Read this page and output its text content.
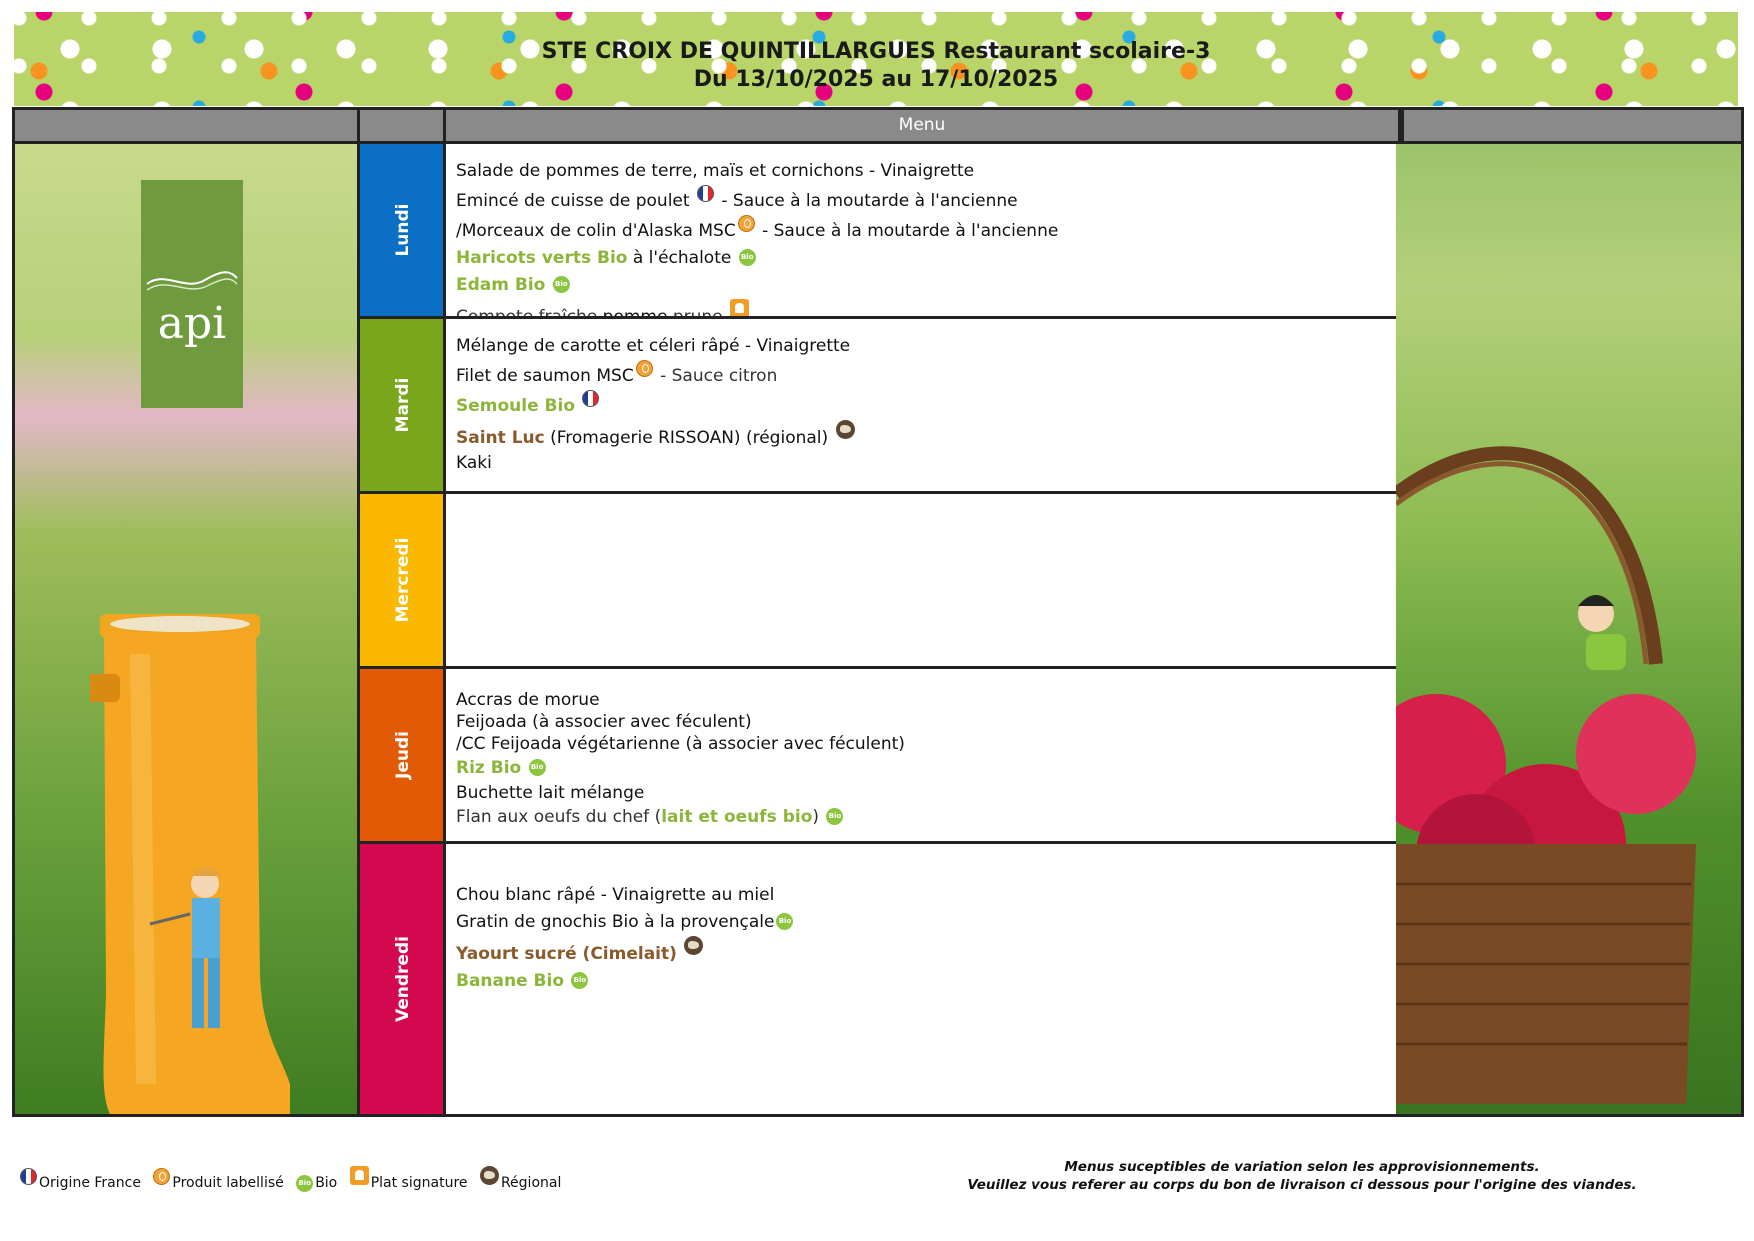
STE CROIX DE QUINTILLARGUES Restaurant scolaire-3
Du 13/10/2025 au 17/10/2025
Menu
api
Lundi
Mardi
Mercredi
Jeudi
Vendredi
Salade de pommes de terre, maïs et cornichons - Vinaigrette
Emincé de cuisse de poulet  - Sauce à la moutarde à l'ancienne
/Morceaux de colin d'Alaska MSC - Sauce à la moutarde à l'ancienne
Haricots verts Bio à l'échalote Bio
Edam Bio Bio
Mélange de carotte et céleri râpé - Vinaigrette
Filet de saumon MSC - Sauce citron
Semoule Bio
Saint Luc (Fromagerie RISSOAN) (régional)
Kaki
Accras de morue
Feijoada (à associer avec féculent)
/CC Feijoada végétarienne (à associer avec féculent)
Riz Bio Bio
Buchette lait mélange
Flan aux oeufs du chef (lait et oeufs bio) Bio
Chou blanc râpé - Vinaigrette au miel
Gratin de gnochis Bio à la provençale Bio
Yaourt sucré (Cimelait)
Banane Bio Bio
Origine France Produit labellisé Bio Bio Plat signature Régional
Menus suceptibles de variation selon les approvisionnements.
Veuillez vous referer au corps du bon de livraison ci dessous pour l'origine des viandes.
